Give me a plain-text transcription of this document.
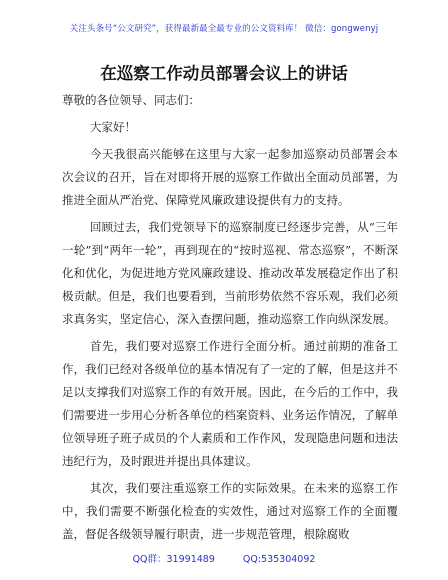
关注头条号“公文研究”，获得最新最全最专业的公文资料库！ 微信：gongwenyj
在巡察工作动员部署会议上的讲话

尊敬的各位领导、同志们：

大家好！

今天我很高兴能够在这里与大家一起参加巡察动员部署会本次会议的召开，旨在对即将开展的巡察工作做出全面动员部署，为推进全面从严治党、保障党风廉政建设提供有力的支持。

回顾过去，我们党领导下的巡察制度已经逐步完善，从“三年一轮”到“两年一轮”，再到现在的“按时巡视、常态巡察”，不断深化和优化，为促进地方党风廉政建设、推动改革发展稳定作出了积极贡献。但是，我们也要看到，当前形势依然不容乐观，我们必须求真务实，坚定信心，深入查摆问题，推动巡察工作向纵深发展。

首先，我们要对巡察工作进行全面分析。通过前期的准备工作，我们已经对各级单位的基本情况有了一定的了解，但是这并不足以支撑我们对巡察工作的有效开展。因此，在今后的工作中，我们需要进一步用心分析各单位的档案资料、业务运作情况，了解单位领导班子班子成员的个人素质和工作作风，发现隐患问题和违法违纪行为，及时跟进并提出具体建议。

其次，我们要注重巡察工作的实际效果。在未来的巡察工作中，我们需要不断强化检查的实效性，通过对巡察工作的全面覆盖，督促各级领导履行职责，进一步规范管理，根除腐败

QQ群：31991489	QQ:535304092
